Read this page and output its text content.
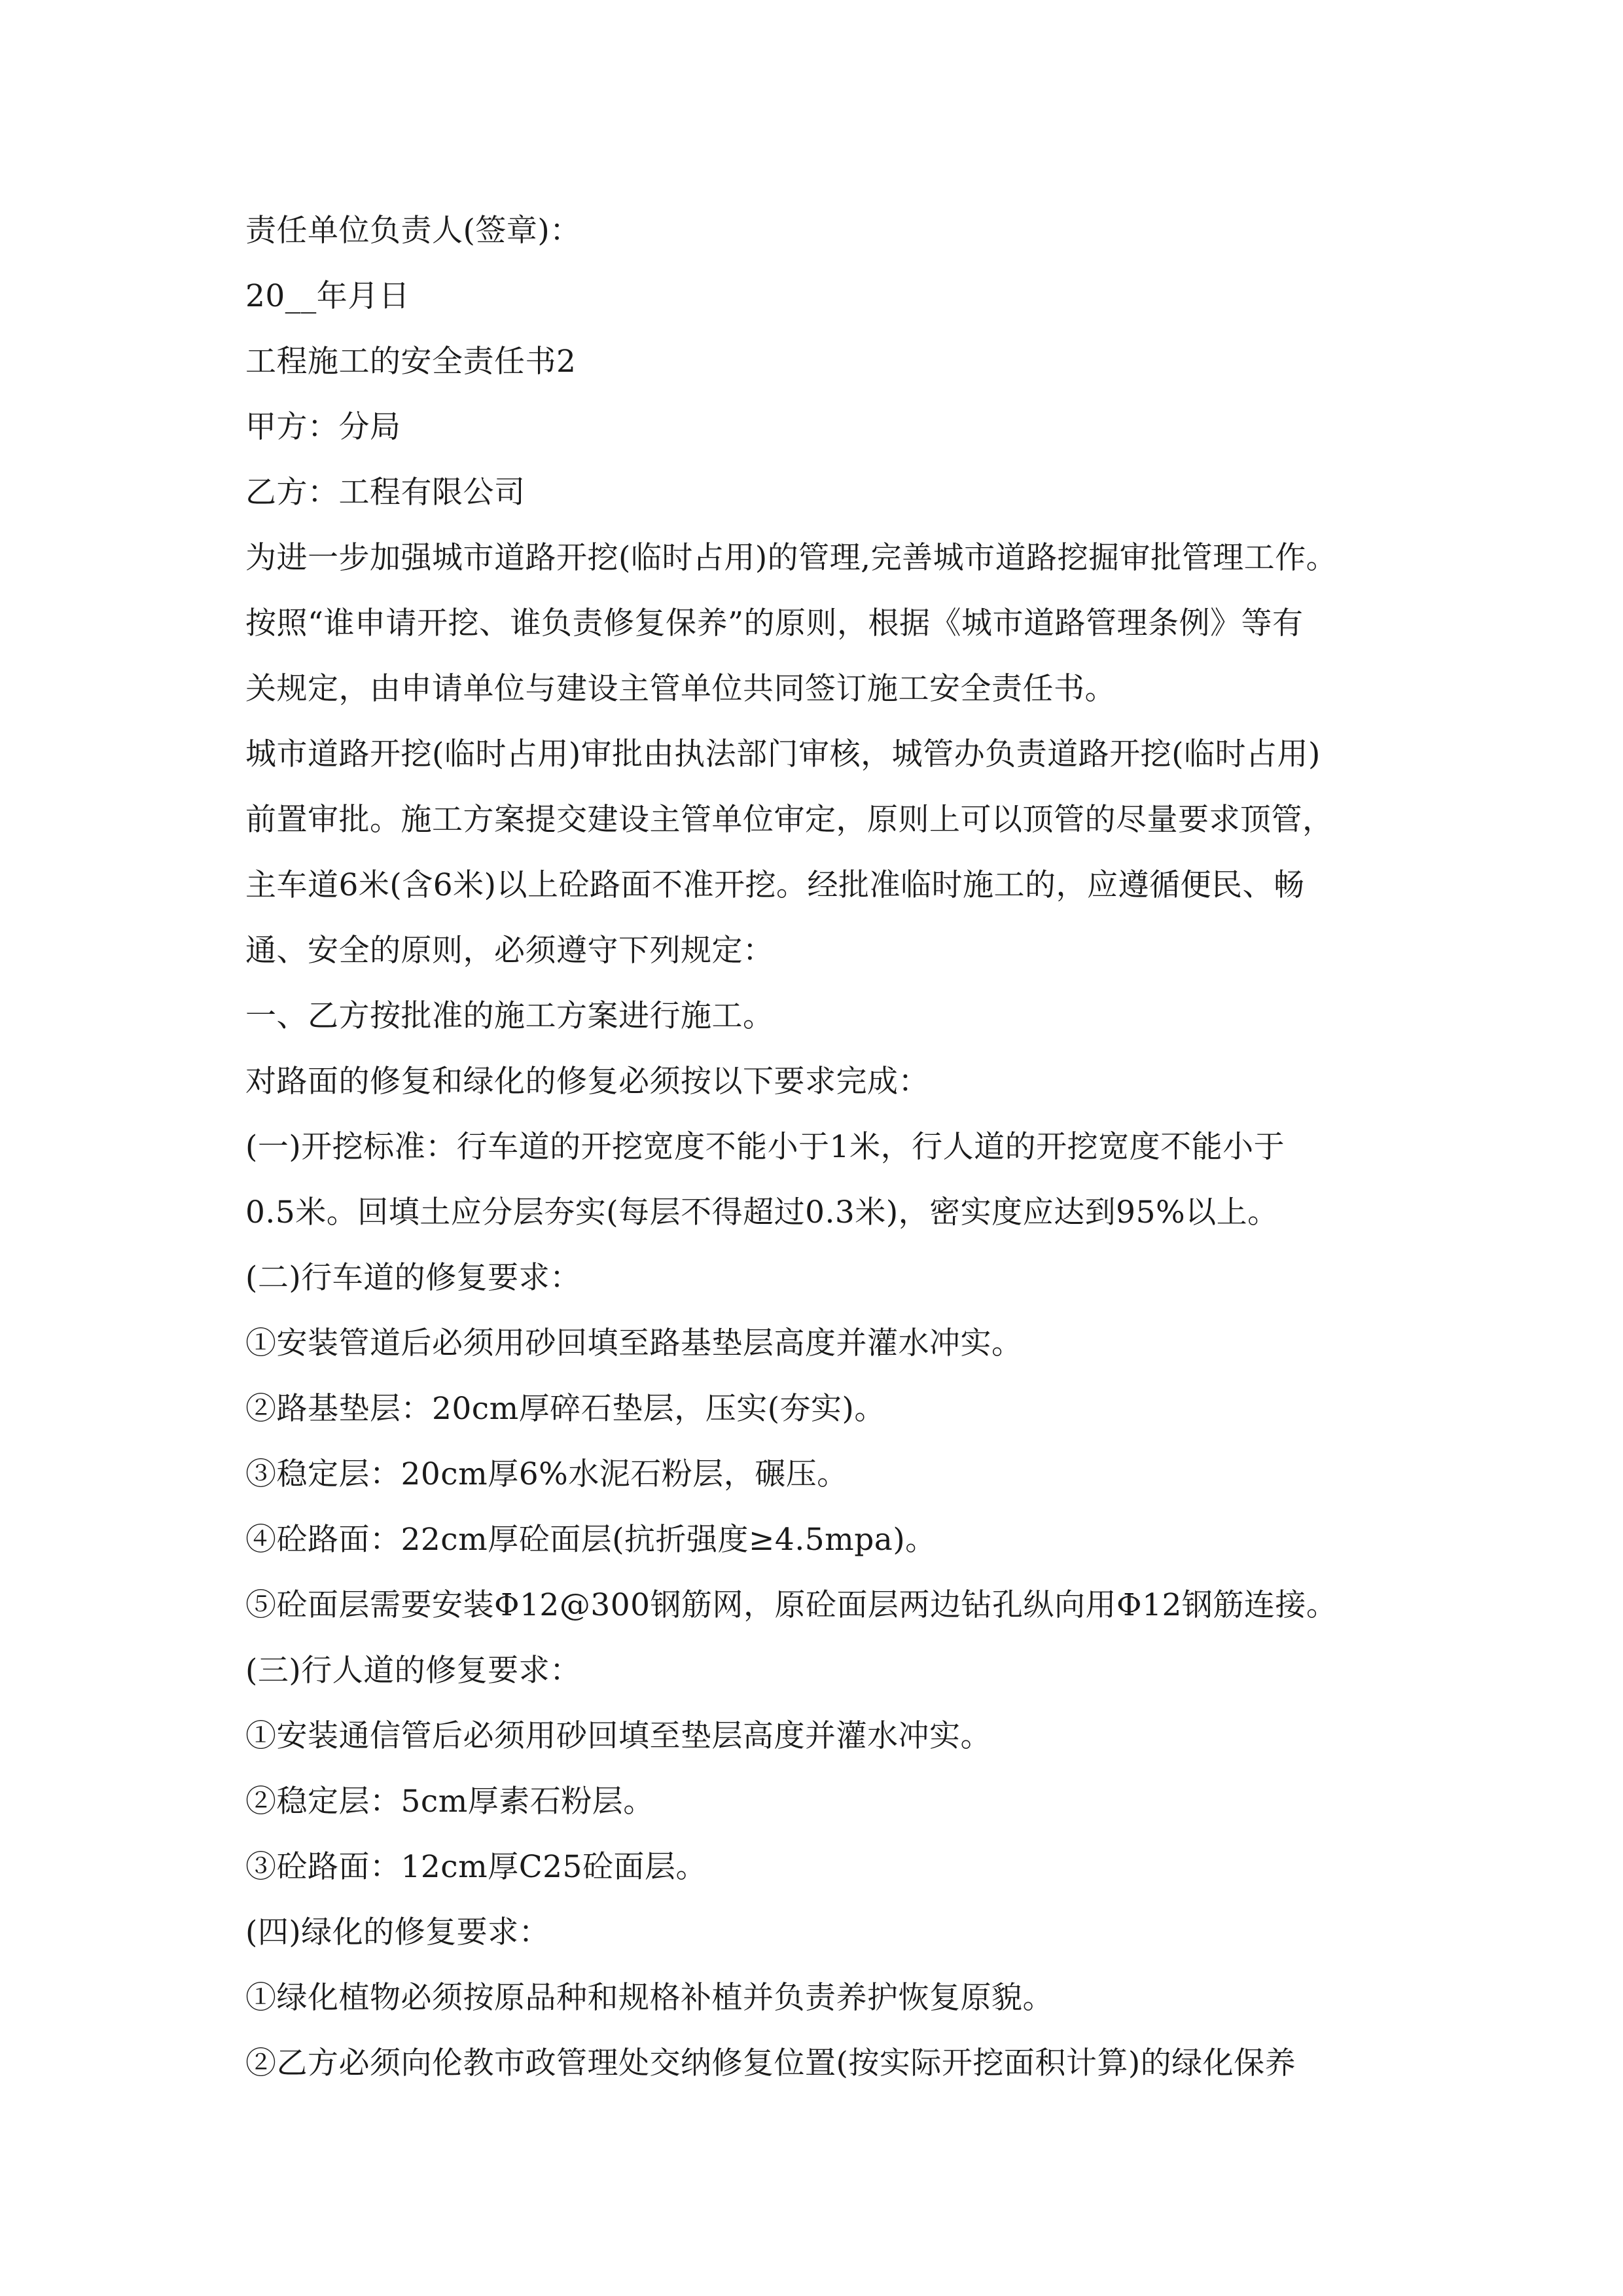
责任单位负责人(签章)：
20__年月日
工程施工的安全责任书2
甲方：分局
乙方：工程有限公司
为进一步加强城市道路开挖(临时占用)的管理,完善城市道路挖掘审批管理工作。
按照“谁申请开挖、谁负责修复保养”的原则，根据《城市道路管理条例》等有
关规定，由申请单位与建设主管单位共同签订施工安全责任书。
城市道路开挖(临时占用)审批由执法部门审核，城管办负责道路开挖(临时占用)
前置审批。施工方案提交建设主管单位审定，原则上可以顶管的尽量要求顶管，
主车道6米(含6米)以上砼路面不准开挖。经批准临时施工的，应遵循便民、畅
通、安全的原则，必须遵守下列规定：
一、乙方按批准的施工方案进行施工。
对路面的修复和绿化的修复必须按以下要求完成：
(一)开挖标准：行车道的开挖宽度不能小于1米，行人道的开挖宽度不能小于
0.5米。回填土应分层夯实(每层不得超过0.3米)，密实度应达到95%以上。
(二)行车道的修复要求：
①安装管道后必须用砂回填至路基垫层高度并灌水冲实。
②路基垫层：20cm厚碎石垫层，压实(夯实)。
③稳定层：20cm厚6%水泥石粉层，碾压。
④砼路面：22cm厚砼面层(抗折强度≥4.5mpa)。
⑤砼面层需要安装Φ12@300钢筋网，原砼面层两边钻孔纵向用Φ12钢筋连接。
(三)行人道的修复要求：
①安装通信管后必须用砂回填至垫层高度并灌水冲实。
②稳定层：5cm厚素石粉层。
③砼路面：12cm厚C25砼面层。
(四)绿化的修复要求：
①绿化植物必须按原品种和规格补植并负责养护恢复原貌。
②乙方必须向伦教市政管理处交纳修复位置(按实际开挖面积计算)的绿化保养
